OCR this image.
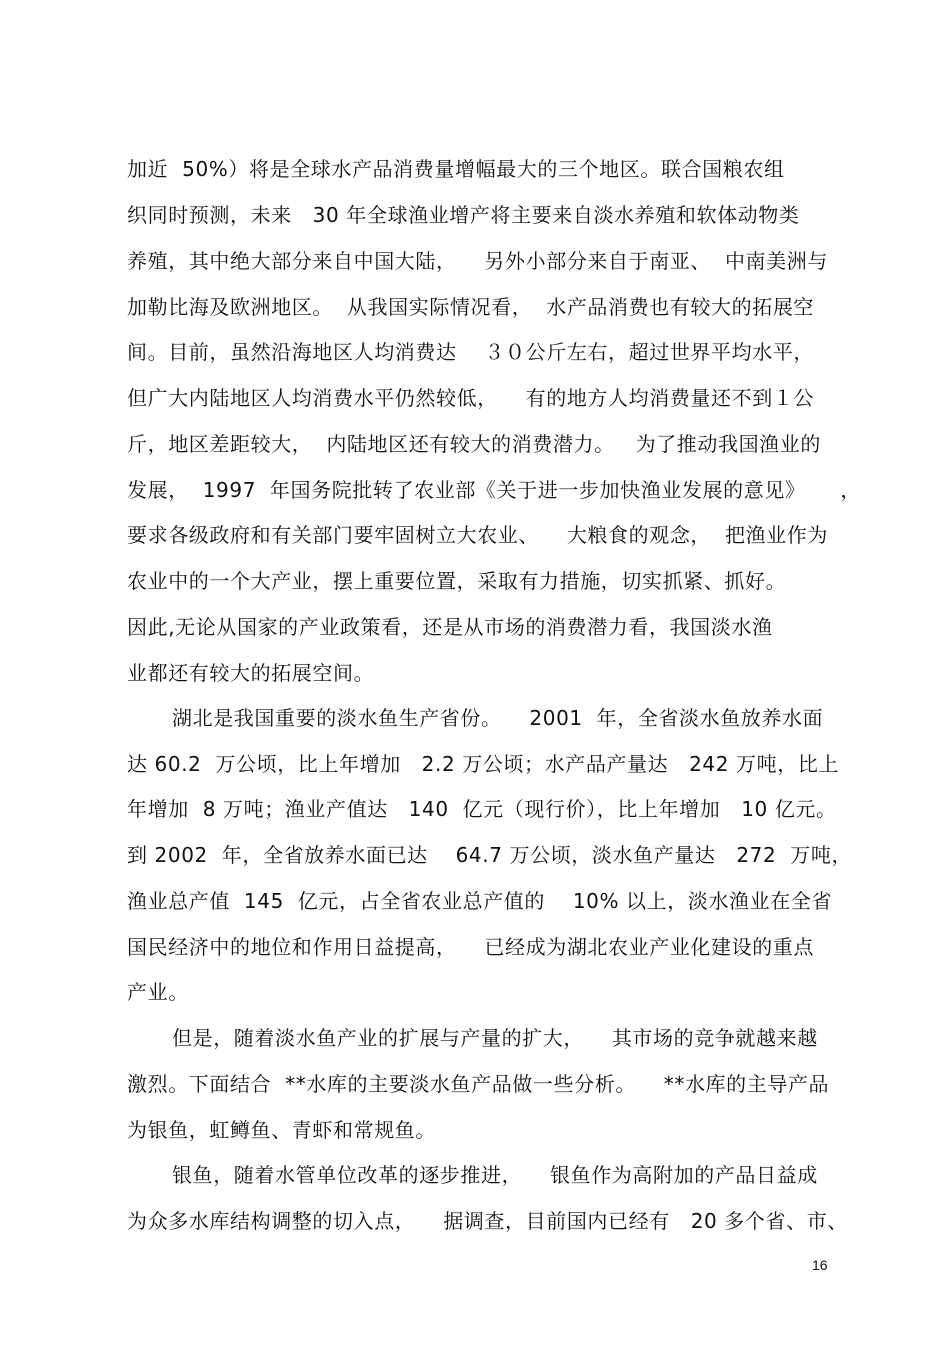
加近  50%）将是全球水产品消费量增幅最大的三个地区。联合国粮农组
织同时预测，未来   30 年全球渔业增产将主要来自淡水养殖和软体动物类
养殖，其中绝大部分来自中国大陆，    另外小部分来自于南亚、  中南美洲与
加勒比海及欧洲地区。  从我国实际情况看，  水产品消费也有较大的拓展空
间。目前，虽然沿海地区人均消费达    ３０公斤左右，超过世界平均水平，
但广大内陆地区人均消费水平仍然较低，    有的地方人均消费量还不到１公
斤，地区差距较大，  内陆地区还有较大的消费潜力。   为了推动我国渔业的
发展，  1997  年国务院批转了农业部《关于进一步加快渔业发展的意见》     ，
要求各级政府和有关部门要牢固树立大农业、    大粮食的观念，  把渔业作为
农业中的一个大产业，摆上重要位置，采取有力措施，切实抓紧、抓好。
因此,无论从国家的产业政策看，还是从市场的消费潜力看，我国淡水渔
业都还有较大的拓展空间。
湖北是我国重要的淡水鱼生产省份。    2001  年，全省淡水鱼放养水面
达 60.2  万公顷，比上年增加   2.2 万公顷；水产品产量达   242 万吨，比上
年增加  8 万吨；渔业产值达   140  亿元（现行价），比上年增加   10 亿元。
到 2002  年，全省放养水面已达    64.7 万公顷，淡水鱼产量达   272  万吨，
渔业总产值  145  亿元，占全省农业总产值的    10% 以上，淡水渔业在全省
国民经济中的地位和作用日益提高，    已经成为湖北农业产业化建设的重点
产业。
但是，随着淡水鱼产业的扩展与产量的扩大，    其市场的竞争就越来越
激烈。下面结合  **水库的主要淡水鱼产品做一些分析。    **水库的主导产品
为银鱼，虹鳟鱼、青虾和常规鱼。
银鱼，随着水管单位改革的逐步推进，    银鱼作为高附加的产品日益成
为众多水库结构调整的切入点，    据调查，目前国内已经有   20 多个省、市、
16
